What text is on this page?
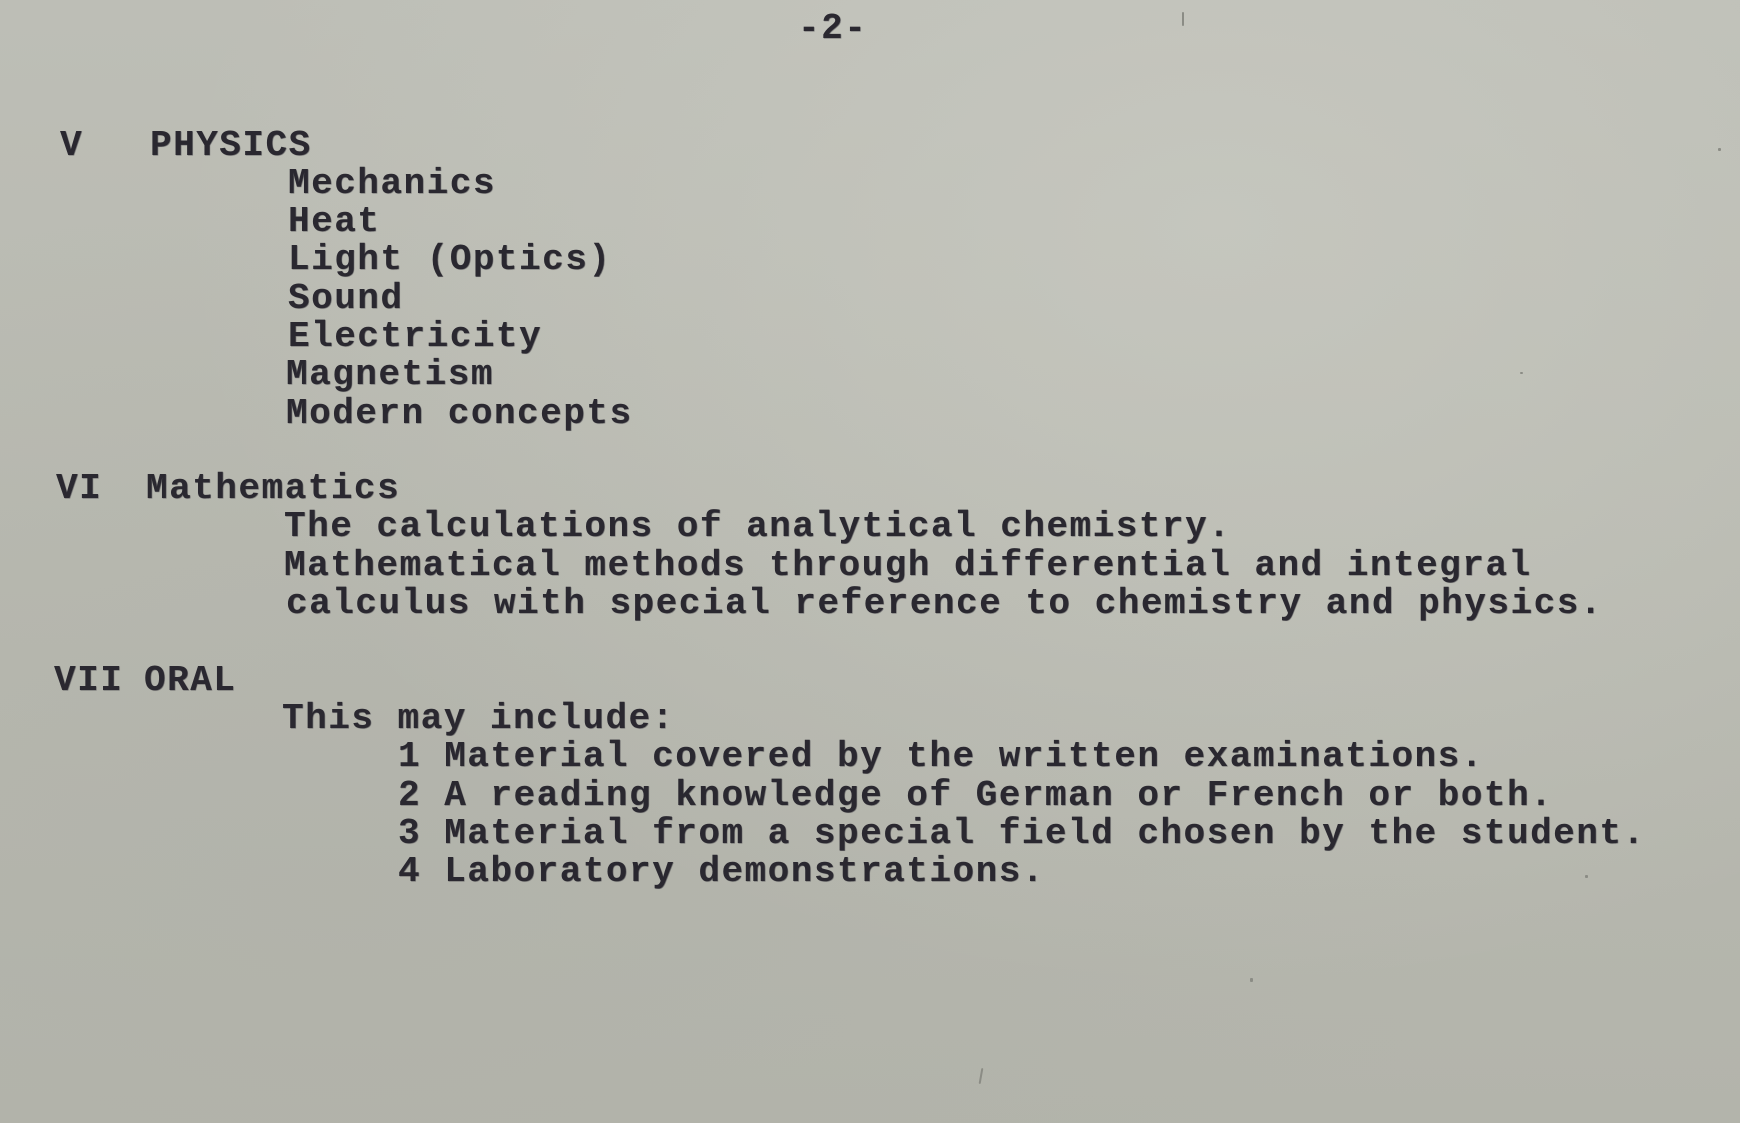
-2-
V PHYSICS
Mechanics
Heat
Light (Optics)
Sound
Electricity
Magnetism
Modern concepts
VI Mathematics
The calculations of analytical chemistry.
Mathematical methods through differential and integral
calculus with special reference to chemistry and physics.
VII ORAL
This may include:
1 Material covered by the written examinations.
2 A reading knowledge of German or French or both.
3 Material from a special field chosen by the student.
4 Laboratory demonstrations.
